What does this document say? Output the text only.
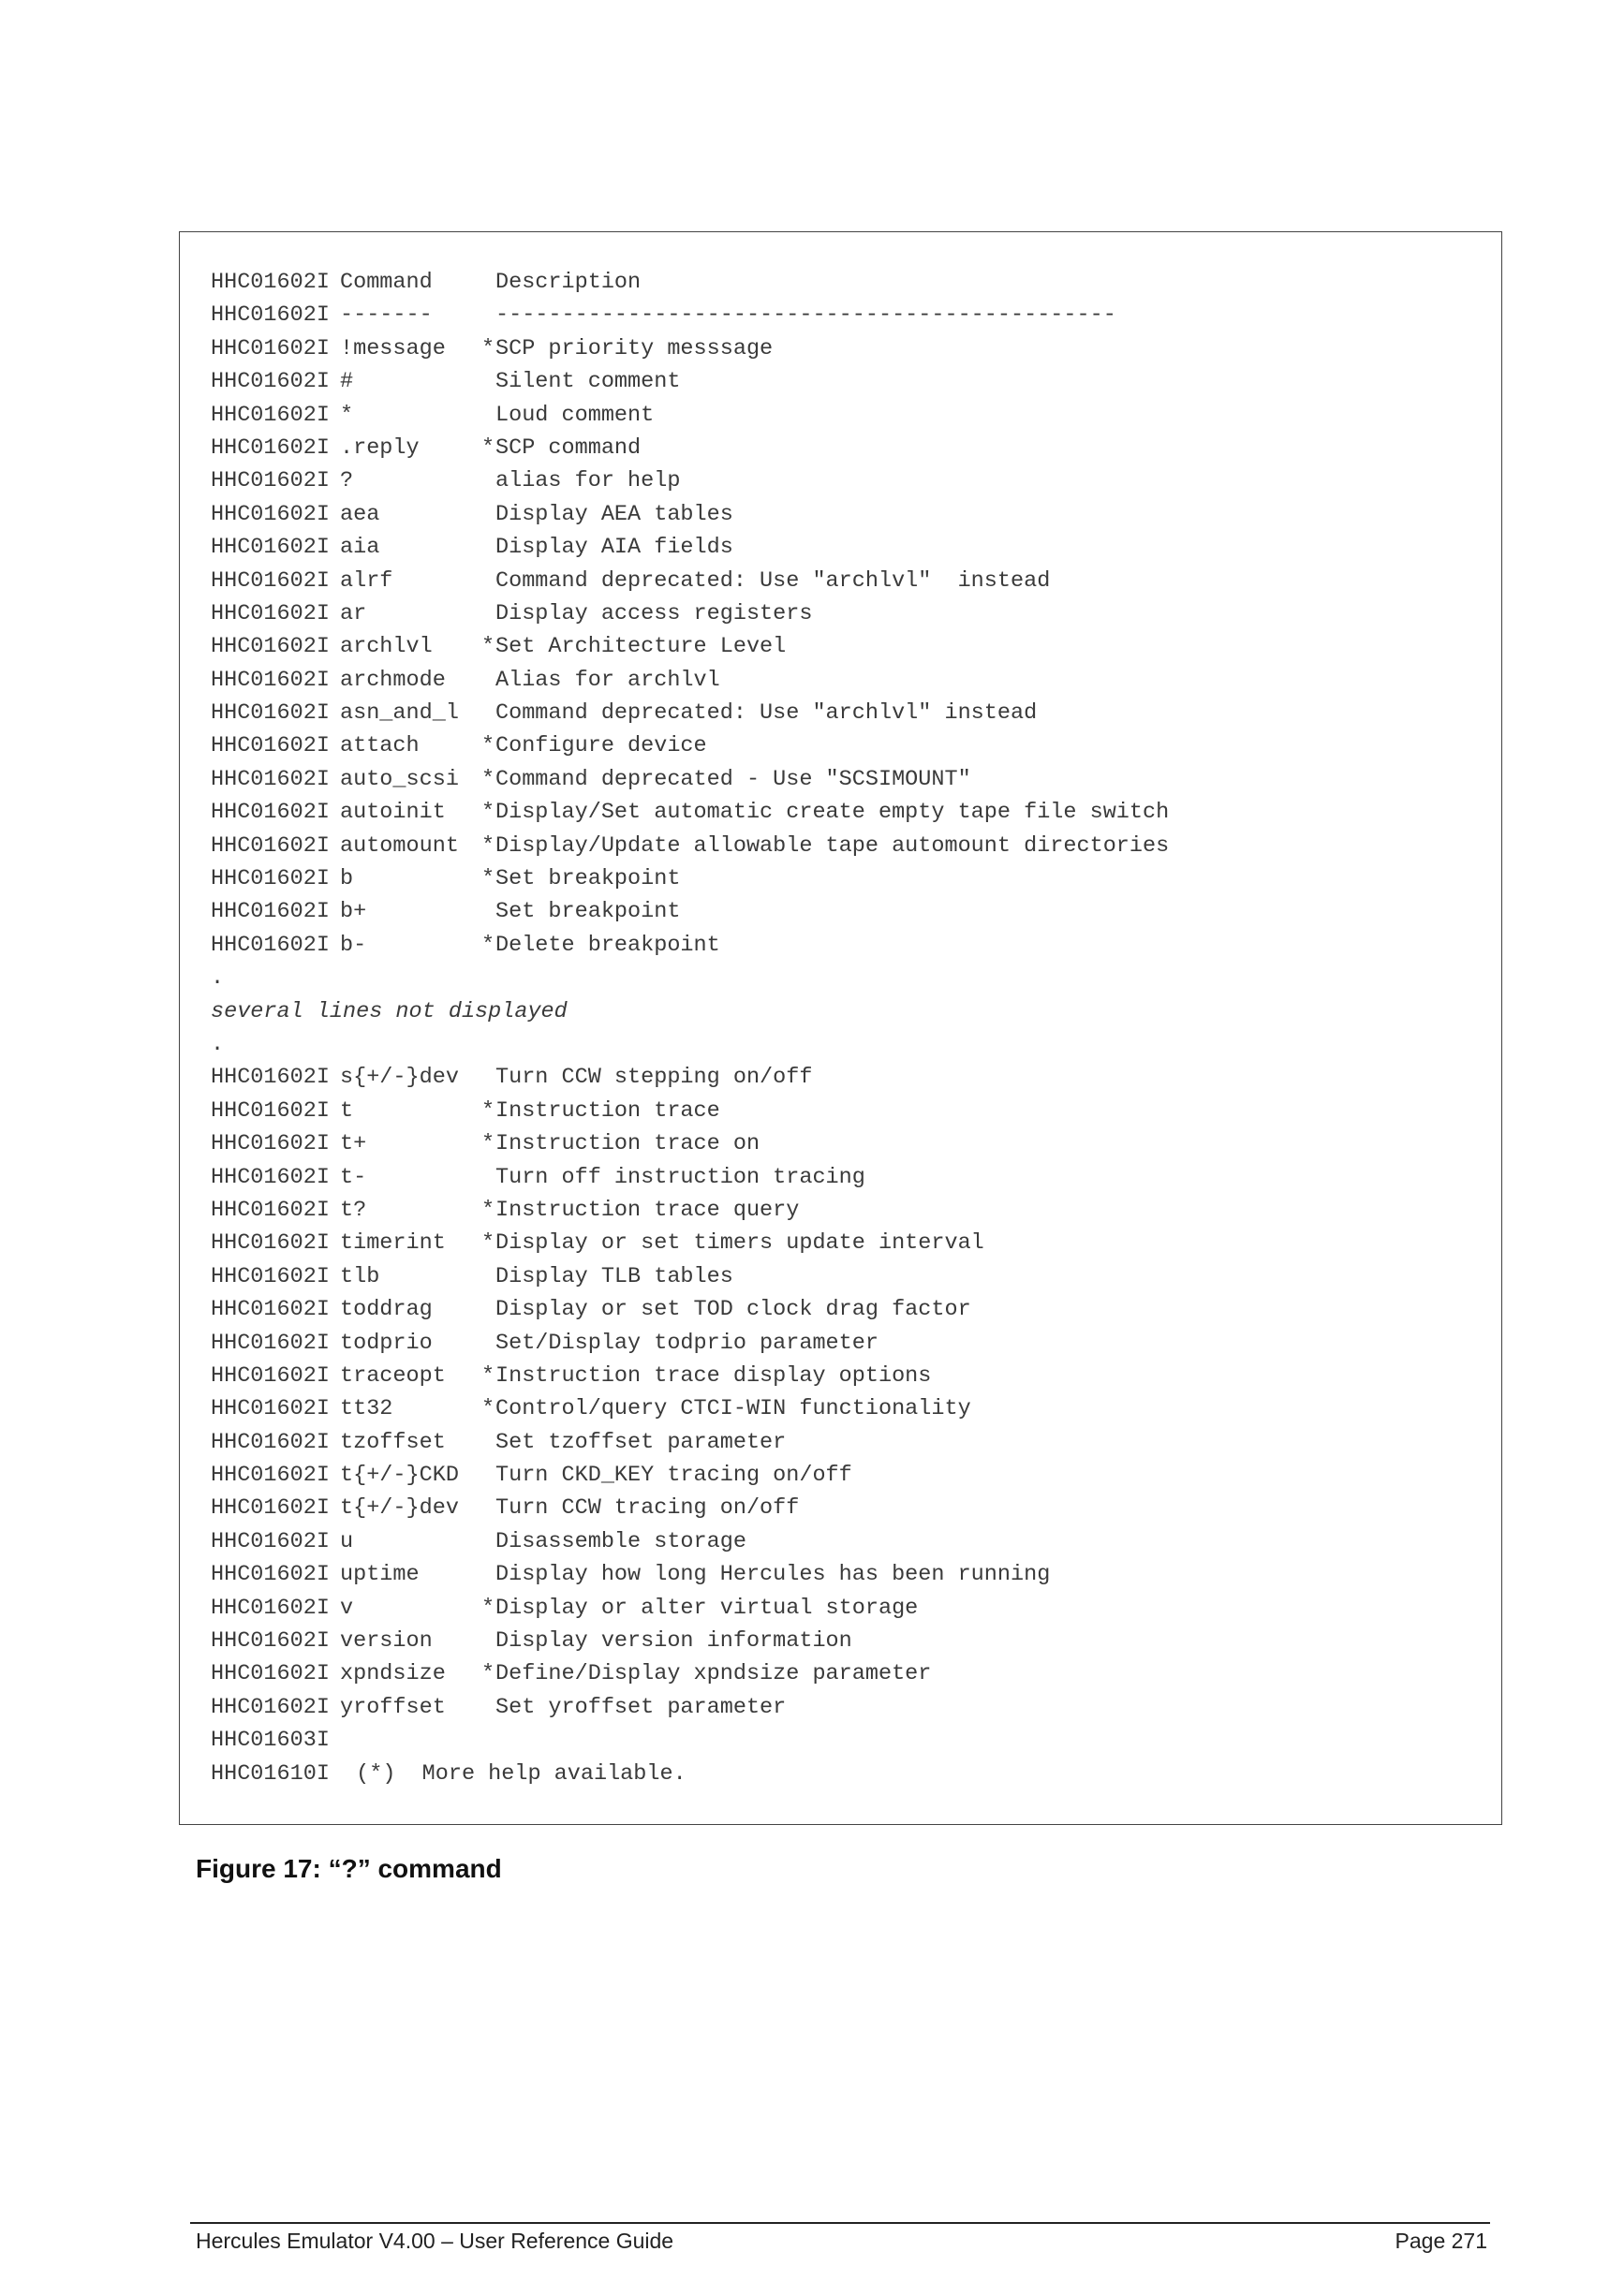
HHC01602I Command	Description
HHC01602I -------	-----------------------------------------------
HHC01602I !message *SCP priority messsage
HHC01602I #	Silent comment
HHC01602I *	Loud comment
HHC01602I .reply	*SCP command
HHC01602I ?	alias for help
HHC01602I aea	Display AEA tables
HHC01602I aia	Display AIA fields
HHC01602I alrf	Command deprecated: Use "archlvl"  instead
HHC01602I ar	Display access registers
HHC01602I archlvl *Set Architecture Level
HHC01602I archmode Alias for archlvl
HHC01602I asn_and_l Command deprecated: Use "archlvl" instead
HHC01602I attach	*Configure device
HHC01602I auto_scsi *Command deprecated - Use "SCSIMOUNT"
HHC01602I autoinit *Display/Set automatic create empty tape file switch
HHC01602I automount *Display/Update allowable tape automount directories
HHC01602I b	*Set breakpoint
HHC01602I b+	Set breakpoint
HHC01602I b-	*Delete breakpoint
.
several lines not displayed
.
HHC01602I s{+/-}dev Turn CCW stepping on/off
HHC01602I t	*Instruction trace
HHC01602I t+	*Instruction trace on
HHC01602I t-	Turn off instruction tracing
HHC01602I t?	*Instruction trace query
HHC01602I timerint *Display or set timers update interval
HHC01602I tlb	Display TLB tables
HHC01602I toddrag	Display or set TOD clock drag factor
HHC01602I todprio	Set/Display todprio parameter
HHC01602I traceopt *Instruction trace display options
HHC01602I tt32	*Control/query CTCI-WIN functionality
HHC01602I tzoffset Set tzoffset parameter
HHC01602I t{+/-}CKD Turn CKD_KEY tracing on/off
HHC01602I t{+/-}dev Turn CCW tracing on/off
HHC01602I u	Disassemble storage
HHC01602I uptime	Display how long Hercules has been running
HHC01602I v	*Display or alter virtual storage
HHC01602I version	Display version information
HHC01602I xpndsize *Define/Display xpndsize parameter
HHC01602I yroffset Set yroffset parameter
HHC01603I
HHC01610I  (*)  More help available.
Figure 17: “?” command
Hercules Emulator V4.00 – User Reference Guide	Page 271
